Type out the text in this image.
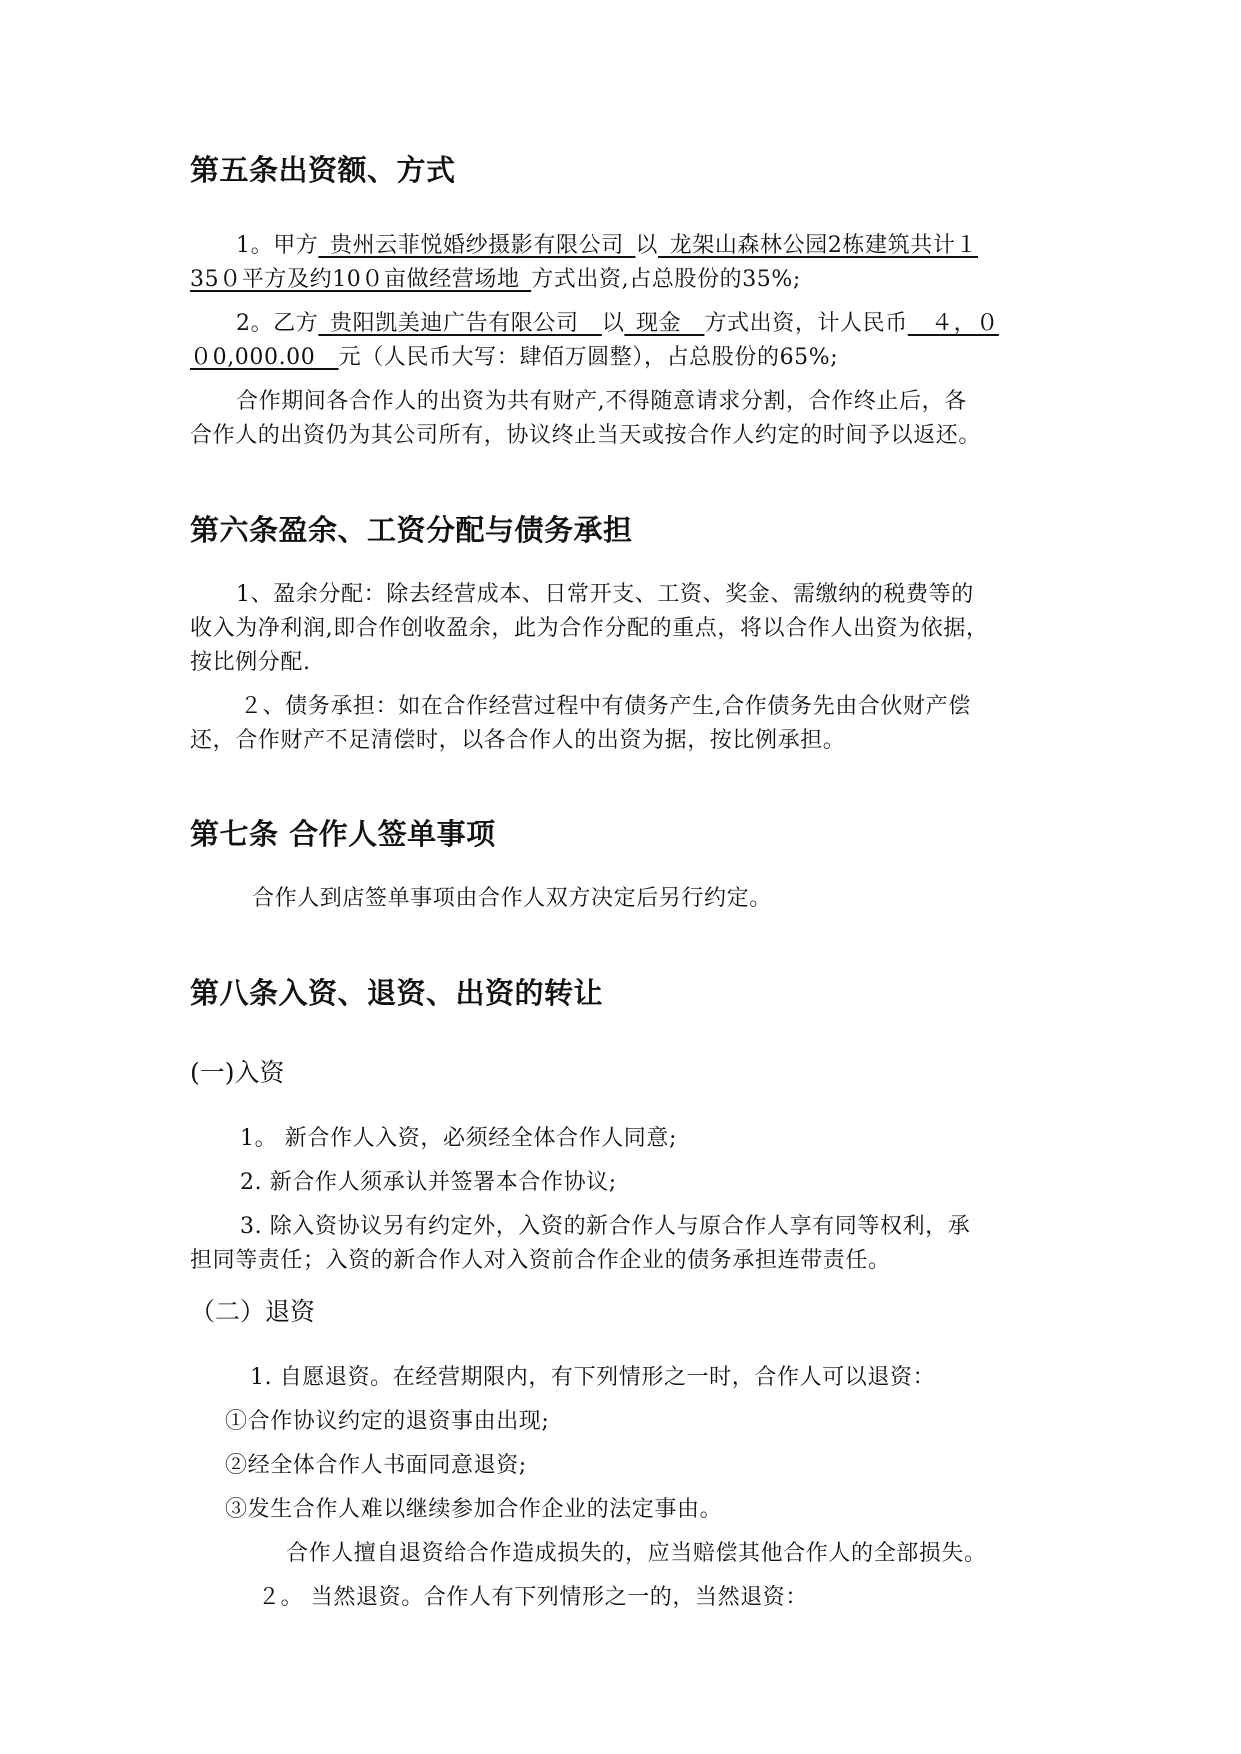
第五条出资额、方式
1。甲方_贵州云菲悦婚纱摄影有限公司_以_龙架山森林公园2栋建筑共计１
35０平方及约10０亩做经营场地_方式出资,占总股份的35%;
2。乙方_贵阳凯美迪广告有限公司__以_现金__方式出资，计人民币__４，０
０0,000.00__元（人民币大写：肆佰万圆整），占总股份的65%;
合作期间各合作人的出资为共有财产,不得随意请求分割，合作终止后，各
合作人的出资仍为其公司所有，协议终止当天或按合作人约定的时间予以返还。
第六条盈余、工资分配与债务承担
1、盈余分配：除去经营成本、日常开支、工资、奖金、需缴纳的税费等的
收入为净利润,即合作创收盈余，此为合作分配的重点，将以合作人出资为依据，
按比例分配.
２、债务承担：如在合作经营过程中有债务产生,合作债务先由合伙财产偿
还，合作财产不足清偿时，以各合作人的出资为据，按比例承担。
第七条 合作人签单事项
合作人到店签单事项由合作人双方决定后另行约定。
第八条入资、退资、出资的转让
(一)入资
1。 新合作人入资，必须经全体合作人同意;
2. 新合作人须承认并签署本合作协议;
3. 除入资协议另有约定外，入资的新合作人与原合作人享有同等权利，承
担同等责任；入资的新合作人对入资前合作企业的债务承担连带责任。
（二）退资
1. 自愿退资。在经营期限内，有下列情形之一时，合作人可以退资：
①合作协议约定的退资事由出现;
②经全体合作人书面同意退资;
③发生合作人难以继续参加合作企业的法定事由。
合作人擅自退资给合作造成损失的，应当赔偿其他合作人的全部损失。
２。 当然退资。合作人有下列情形之一的，当然退资：
